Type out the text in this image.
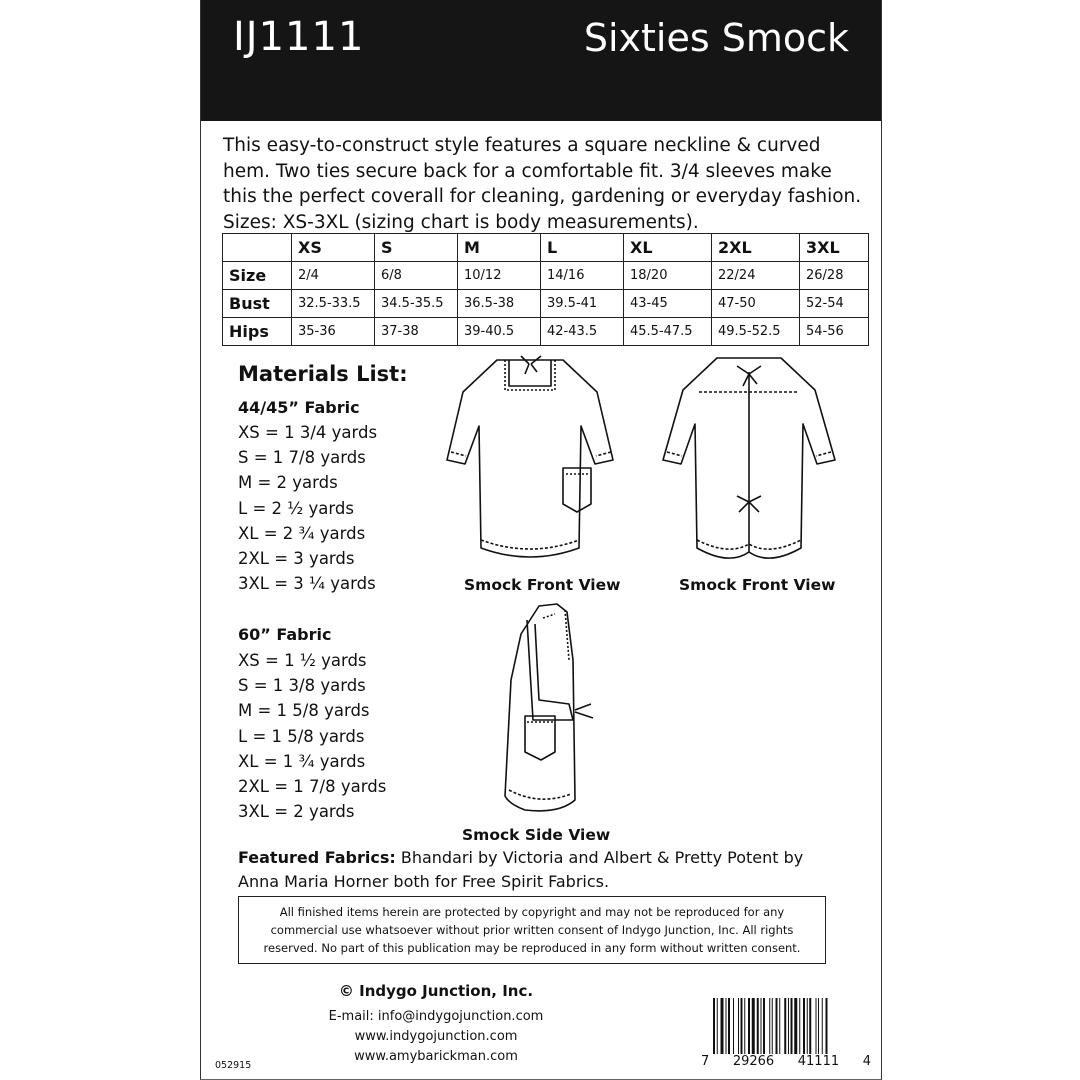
IJ1111	Sixties Smock
This easy-to-construct style features a square neckline & curved hem. Two ties secure back for a comfortable fit. 3/4 sleeves make this the perfect coverall for cleaning, gardening or everyday fashion. Sizes: XS-3XL (sizing chart is body measurements).
	XS	S	M	L	XL	2XL	3XL
Size	2/4	6/8	10/12	14/16	18/20	22/24	26/28
Bust	32.5-33.5	34.5-35.5	36.5-38	39.5-41	43-45	47-50	52-54
Hips	35-36	37-38	39-40.5	42-43.5	45.5-47.5	49.5-52.5	54-56
Materials List:
44/45” Fabric
XS = 1 3/4 yards
S = 1 7/8 yards
M = 2 yards
L = 2 ½ yards
XL = 2 ¾ yards
2XL = 3 yards
3XL = 3 ¼ yards
60” Fabric
XS = 1 ½ yards
S = 1 3/8 yards
M = 1 5/8 yards
L = 1 5/8 yards
XL = 1 ¾ yards
2XL = 1 7/8 yards
3XL = 2 yards
Smock Front View	Smock Front View
Smock Side View
Featured Fabrics: Bhandari by Victoria and Albert & Pretty Potent by Anna Maria Horner both for Free Spirit Fabrics.
All finished items herein are protected by copyright and may not be reproduced for any commercial use whatsoever without prior written consent of Indygo Junction, Inc. All rights reserved. No part of this publication may be reproduced in any form without written consent.
© Indygo Junction, Inc.
E-mail: info@indygojunction.com
www.indygojunction.com
www.amybarickman.com
052915	7 29266 41111 4
